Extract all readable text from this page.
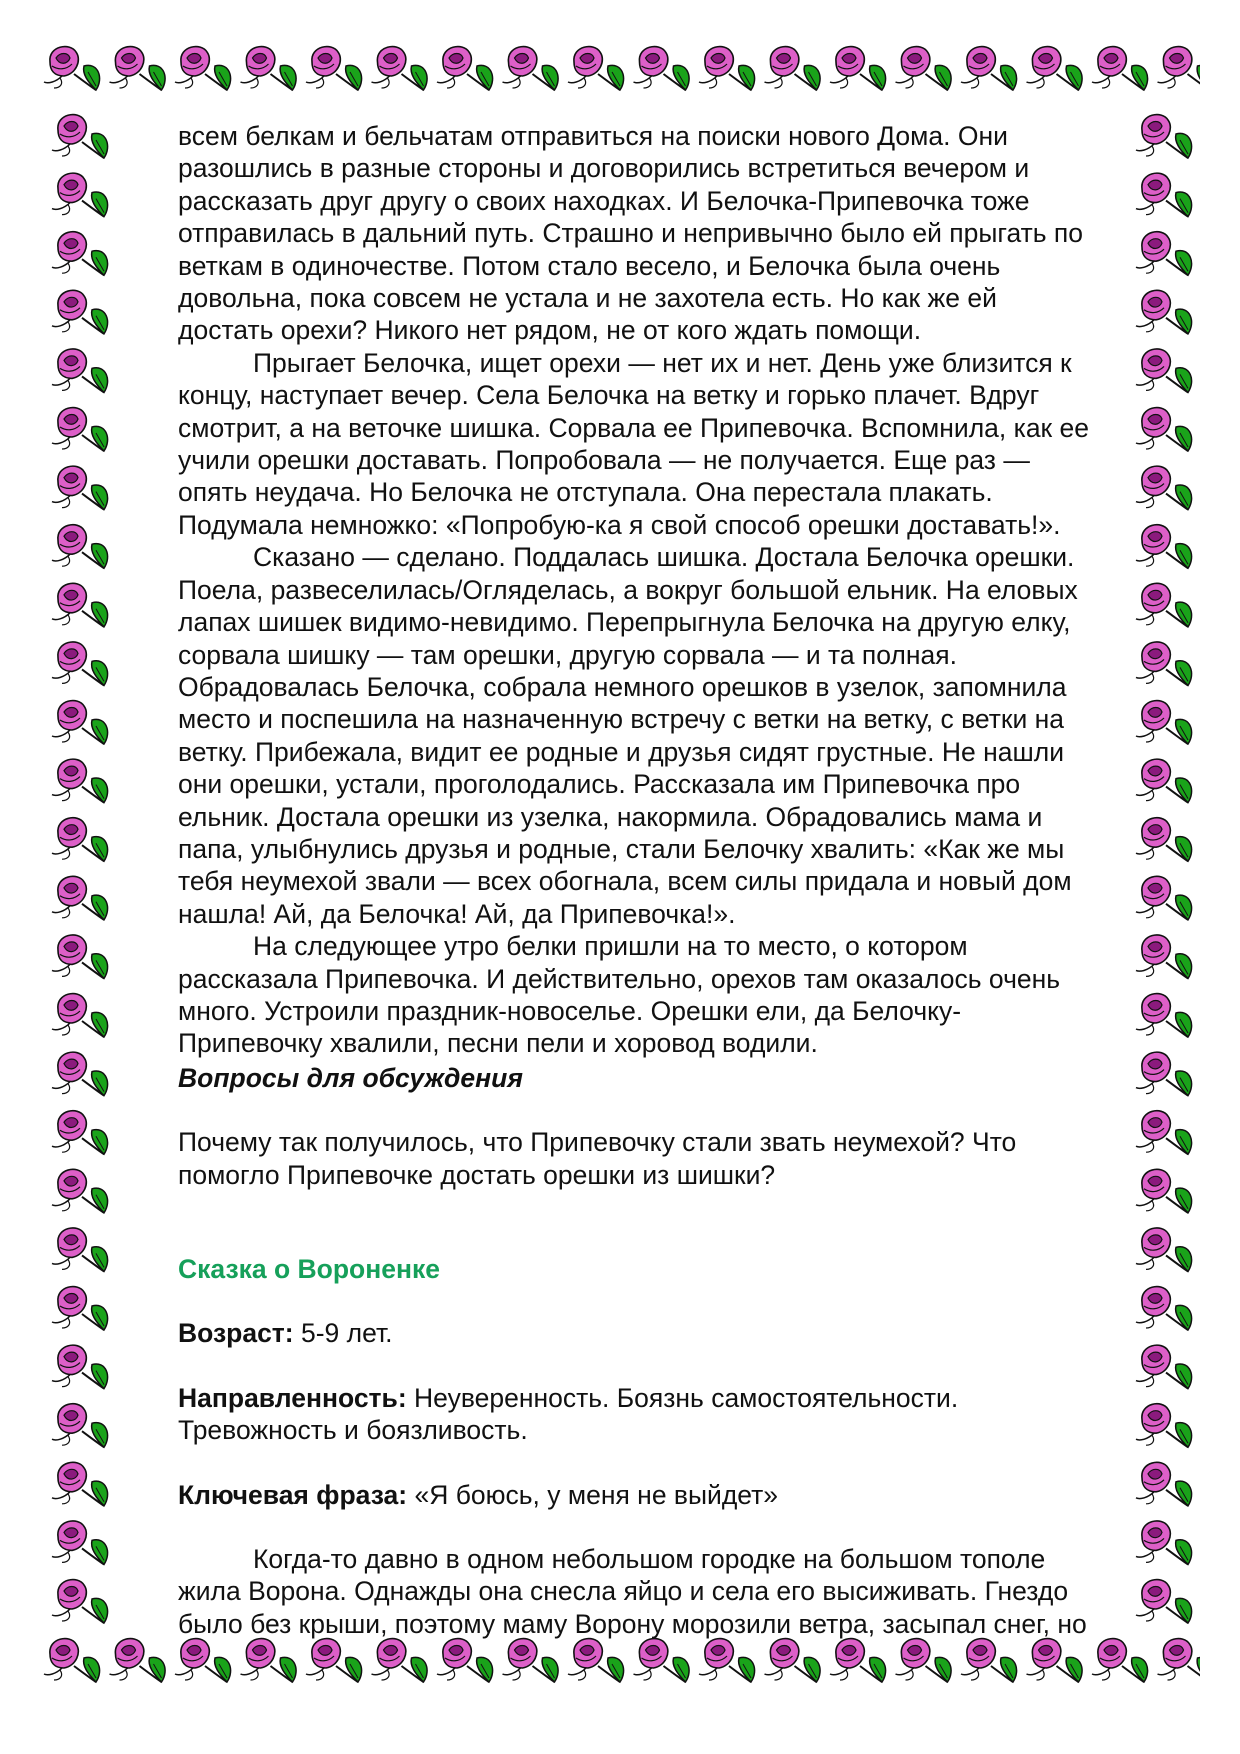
всем белкам и бельчатам отправиться на поиски нового Дома. Они

разошлись в разные стороны и договорились встретиться вечером и

рассказать друг другу о своих находках. И Белочка-Припевочка тоже

отправилась в дальний путь. Страшно и непривычно было ей прыгать по

веткам в одиночестве. Потом стало весело, и Белочка была очень

довольна, пока совсем не устала и не захотела есть. Но как же ей

достать орехи? Никого нет рядом, не от кого ждать помощи.

Прыгает Белочка, ищет орехи — нет их и нет. День уже близится к

концу, наступает вечер. Села Белочка на ветку и горько плачет. Вдруг

смотрит, а на веточке шишка. Сорвала ее Припевочка. Вспомнила, как ее

учили орешки доставать. Попробовала — не получается. Еще раз —

опять неудача. Но Белочка не отступала. Она перестала плакать.

Подумала немножко: «Попробую-ка я свой способ орешки доставать!».

Сказано — сделано. Поддалась шишка. Достала Белочка орешки.

Поела, развеселилась/Огляделась, а вокруг большой ельник. На еловых

лапах шишек видимо-невидимо. Перепрыгнула Белочка на другую елку,

сорвала шишку — там орешки, другую сорвала — и та полная.

Обрадовалась Белочка, собрала немного орешков в узелок, запомнила

место и поспешила на назначенную встречу с ветки на ветку, с ветки на

ветку. Прибежала, видит ее родные и друзья сидят грустные. Не нашли

они орешки, устали, проголодались. Рассказала им Припевочка про

ельник. Достала орешки из узелка, накормила. Обрадовались мама и

папа, улыбнулись друзья и родные, стали Белочку хвалить: «Как же мы

тебя неумехой звали — всех обогнала, всем силы придала и новый дом

нашла! Ай, да Белочка! Ай, да Припевочка!».

На следующее утро белки пришли на то место, о котором

рассказала Припевочка. И действительно, орехов там оказалось очень

много. Устроили праздник-новоселье. Орешки ели, да Белочку-

Припевочку хвалили, песни пели и хоровод водили.

Вопросы для обсуждения

Почему так получилось, что Припевочку стали звать неумехой? Что

помогло Припевочке достать орешки из шишки?

Сказка о Вороненке

Возраст: 5-9 лет.

Направленность: Неуверенность. Боязнь самостоятельности.

Тревожность и боязливость.

Ключевая фраза: «Я боюсь, у меня не выйдет»

Когда-то давно в одном небольшом городке на большом тополе

жила Ворона. Однажды она снесла яйцо и села его высиживать. Гнездо

было без крыши, поэтому маму Ворону морозили ветра, засыпал снег, но
